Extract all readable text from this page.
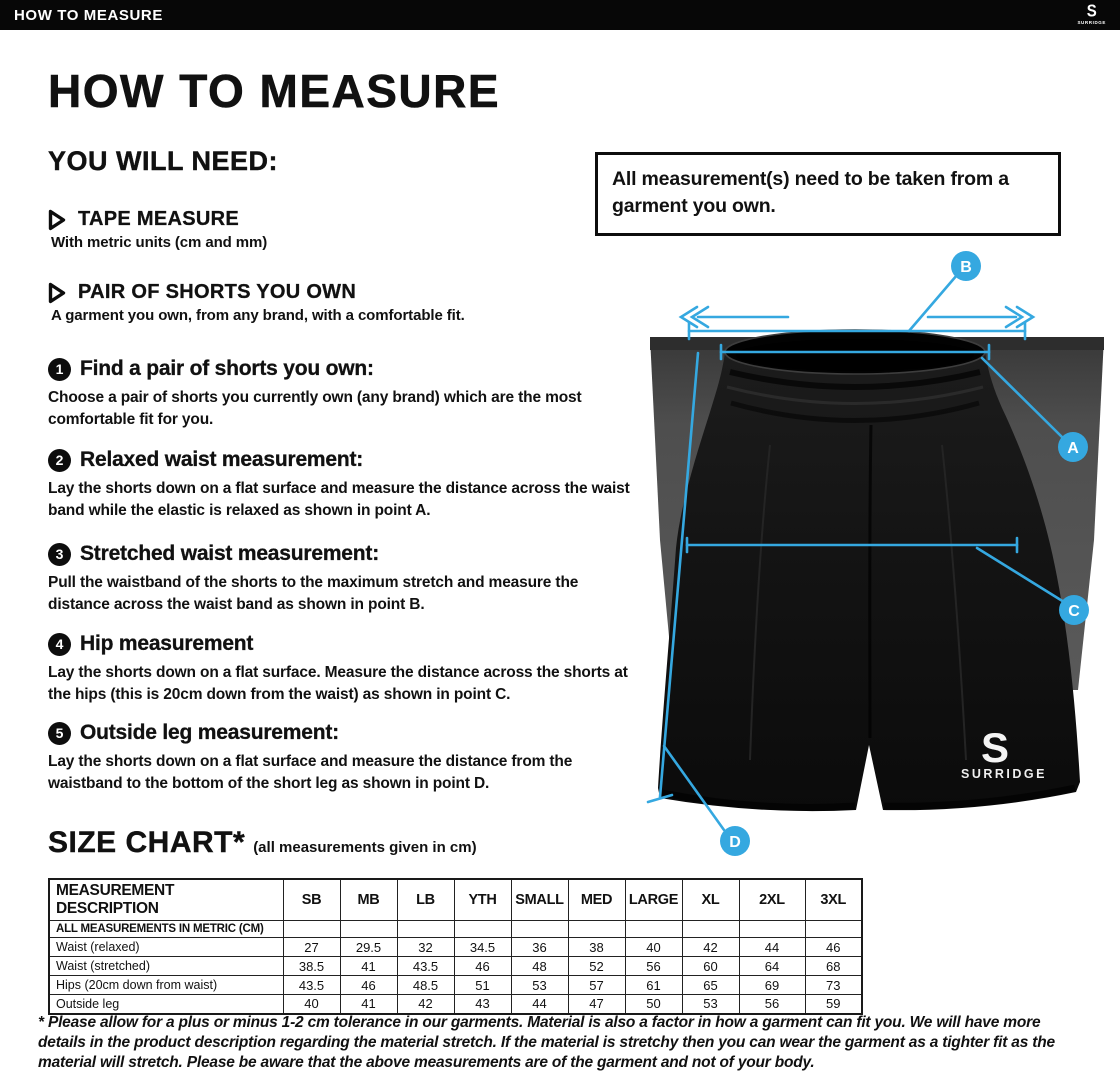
HOW TO MEASURE	S
SURRIDGE
HOW TO MEASURE
All measurement(s) need to be taken from a garment you own.
YOU WILL NEED:
TAPE MEASURE
With metric units (cm and mm)
PAIR OF SHORTS YOU OWN
A garment you own, from any brand, with a comfortable fit.
1 Find a pair of shorts you own:
Choose a pair of shorts you currently own (any brand) which are the most comfortable fit for you.
2 Relaxed waist measurement:
Lay the shorts down on a flat surface and measure the distance across the waist band while the elastic is relaxed as shown in point A.
3 Stretched waist measurement:
Pull the waistband of the shorts to the maximum stretch and measure the distance across the waist band as shown in point B.
4 Hip measurement
Lay the shorts down on a flat surface. Measure the distance across the shorts at the hips (this is 20cm down from the waist) as shown in point C.
5 Outside leg measurement:
Lay the shorts down on a flat surface and measure the distance from the waistband to the bottom of the short leg as shown in point D.
S
SURRIDGE
B
A
C
D
SIZE CHART* (all measurements given in cm)
MEASUREMENT DESCRIPTION	SB	MB	LB	YTH	SMALL	MED	LARGE	XL	2XL	3XL
ALL MEASUREMENTS IN METRIC (CM)										
Waist (relaxed)	27	29.5	32	34.5	36	38	40	42	44	46
Waist (stretched)	38.5	41	43.5	46	48	52	56	60	64	68
Hips (20cm down from waist)	43.5	46	48.5	51	53	57	61	65	69	73
Outside leg	40	41	42	43	44	47	50	53	56	59
* Please allow for a plus or minus 1-2 cm tolerance in our garments. Material is also a factor in how a garment can fit you. We will have more details in the product description regarding the material stretch. If the material is stretchy then you can wear the garment as a tighter fit as the material will stretch. Please be aware that the above measurements are of the garment and not of your body.
